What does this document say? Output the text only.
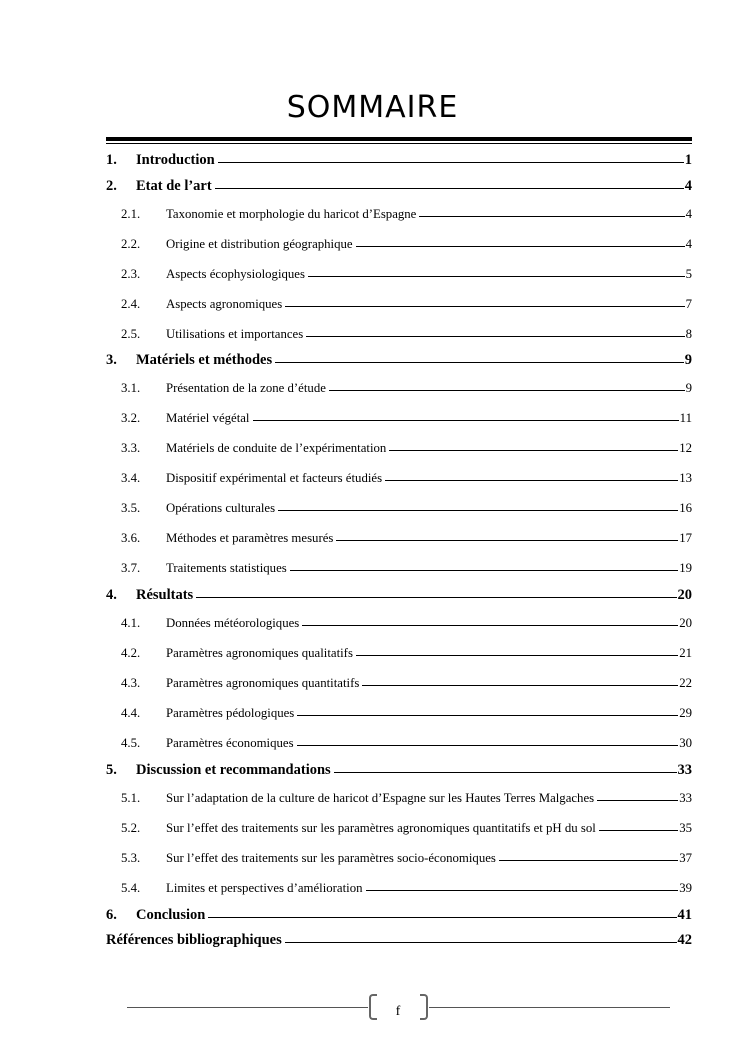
SOMMAIRE
1.	Introduction	1
2.	Etat de l’art	4
2.1.	Taxonomie et morphologie du haricot d’Espagne	4
2.2.	Origine et distribution géographique	4
2.3.	Aspects écophysiologiques	5
2.4.	Aspects agronomiques	7
2.5.	Utilisations et importances	8
3.	Matériels et méthodes	9
3.1.	Présentation de la zone d’étude	9
3.2.	Matériel végétal	11
3.3.	Matériels de conduite de l’expérimentation	12
3.4.	Dispositif expérimental et facteurs étudiés	13
3.5.	Opérations culturales	16
3.6.	Méthodes et paramètres mesurés	17
3.7.	Traitements statistiques	19
4.	Résultats	20
4.1.	Données météorologiques	20
4.2.	Paramètres agronomiques qualitatifs	21
4.3.	Paramètres agronomiques quantitatifs	22
4.4.	Paramètres pédologiques	29
4.5.	Paramètres économiques	30
5.	Discussion et recommandations	33
5.1.	Sur l’adaptation de la culture de haricot d’Espagne sur les Hautes Terres Malgaches	33
5.2.	Sur l’effet des traitements sur les paramètres agronomiques quantitatifs et pH du sol	35
5.3.	Sur l’effet des traitements sur les paramètres socio-économiques	37
5.4.	Limites et perspectives d’amélioration	39
6.	Conclusion	41
Références bibliographiques	42
f
